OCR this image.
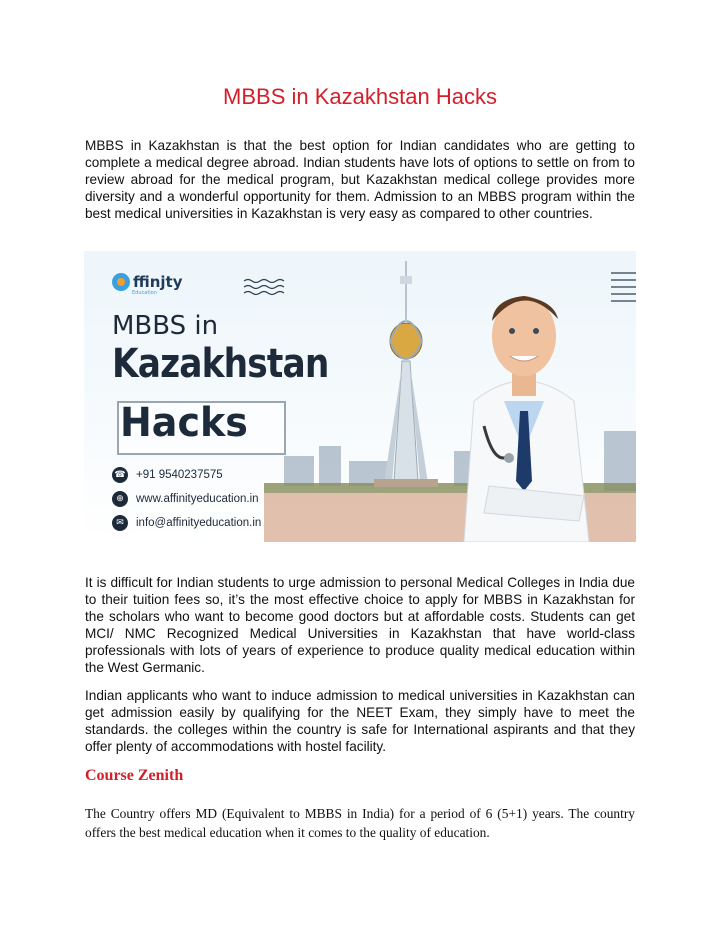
MBBS in Kazakhstan Hacks

MBBS in Kazakhstan is that the best option for Indian candidates who are getting to complete a medical degree abroad. Indian students have lots of options to settle on from to review abroad for the medical program, but Kazakhstan medical college provides more diversity and a wonderful opportunity for them. Admission to an MBBS program within the best medical universities in Kazakhstan is very easy as compared to other countries.

ffinjty
Education
MBBS in
Kazakhstan
Hacks
☎ +91 9540237575
⊕	www.affinityeducation.in
✉	info@affinityeducation.in

It is difficult for Indian students to urge admission to personal Medical Colleges in India due to their tuition fees so, it’s the most effective choice to apply for MBBS in Kazakhstan for the scholars who want to become good doctors but at affordable costs. Students can get MCI/ NMC Recognized Medical Universities in Kazakhstan that have world-class professionals with lots of years of experience to produce quality medical education within the West Germanic.

Indian applicants who want to induce admission to medical universities in Kazakhstan can get admission easily by qualifying for the NEET Exam, they simply have to meet the standards. the colleges within the country is safe for International aspirants and that they offer plenty of accommodations with hostel facility.

Course Zenith

The Country offers MD (Equivalent to MBBS in India) for a period of 6 (5+1) years. The country offers the best medical education when it comes to the quality of education.
